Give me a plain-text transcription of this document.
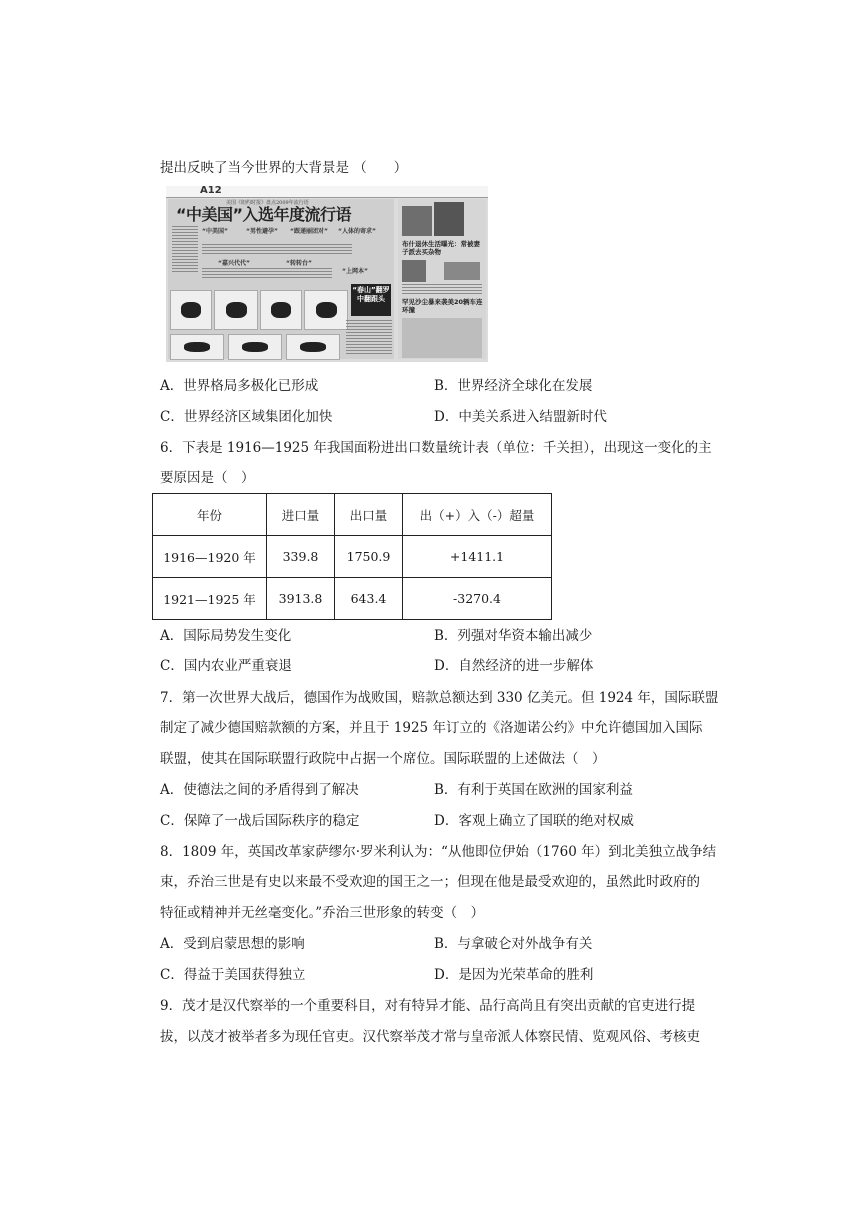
提出反映了当今世界的大背景是 （　　）
A12
美国《纽约时报》盘点2009年流行语
“中美国”入选年度流行语
“中美国”	“男性避孕” “跟递丽团对” “人体的寄求”
“嘉兴代代”	“转转台”
“上网本”
“春山”翻罗中翻跟头
布什退休生活曝光：常被妻子派去买杂物
罕见沙尘暴来袭美20辆车连环撞
A．世界格局多极化已形成	B．世界经济全球化在发展
C．世界经济区域集团化加快	D．中美关系进入结盟新时代
6．下表是 1916—1925 年我国面粉进出口数量统计表（单位：千关担），出现这一变化的主
要原因是（　）
年份	进口量	出口量	出（+）入（-）超量
1916—1920 年	339.8	1750.9	+1411.1
1921—1925 年	3913.8	643.4	-3270.4
A．国际局势发生变化	B．列强对华资本输出减少
C．国内农业严重衰退	D．自然经济的进一步解体
7．第一次世界大战后，德国作为战败国，赔款总额达到 330 亿美元。但 1924 年，国际联盟
制定了减少德国赔款额的方案，并且于 1925 年订立的《洛迦诺公约》中允许德国加入国际
联盟，使其在国际联盟行政院中占据一个席位。国际联盟的上述做法（　）
A．使德法之间的矛盾得到了解决	B．有利于英国在欧洲的国家利益
C．保障了一战后国际秩序的稳定	D．客观上确立了国联的绝对权威
8．1809 年，英国改革家萨缪尔·罗米利认为：“从他即位伊始（1760 年）到北美独立战争结
束，乔治三世是有史以来最不受欢迎的国王之一；但现在他是最受欢迎的，虽然此时政府的
特征或精神并无丝毫变化。”乔治三世形象的转变（　）
A．受到启蒙思想的影响	B．与拿破仑对外战争有关
C．得益于美国获得独立	D．是因为光荣革命的胜利
9．茂才是汉代察举的一个重要科目，对有特异才能、品行高尚且有突出贡献的官吏进行提
拔，以茂才被举者多为现任官吏。汉代察举茂才常与皇帝派人体察民情、览观风俗、考核吏
